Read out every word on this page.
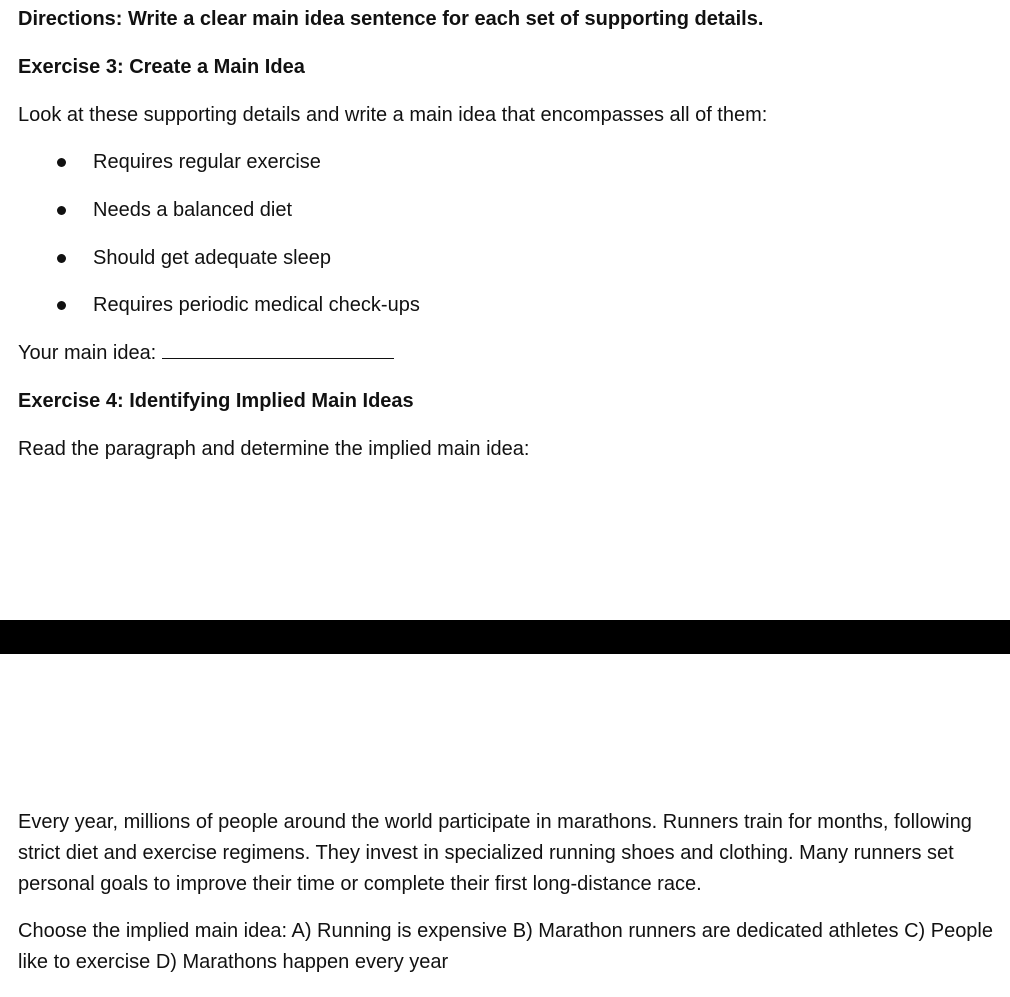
Directions: Write a clear main idea sentence for each set of supporting details.
Exercise 3: Create a Main Idea
Look at these supporting details and write a main idea that encompasses all of them:
Requires regular exercise
Needs a balanced diet
Should get adequate sleep
Requires periodic medical check-ups
Your main idea:
Exercise 4: Identifying Implied Main Ideas
Read the paragraph and determine the implied main idea:
Every year, millions of people around the world participate in marathons. Runners train for months, following strict diet and exercise regimens. They invest in specialized running shoes and clothing. Many runners set personal goals to improve their time or complete their first long-distance race.
Choose the implied main idea: A) Running is expensive B) Marathon runners are dedicated athletes C) People like to exercise D) Marathons happen every year
